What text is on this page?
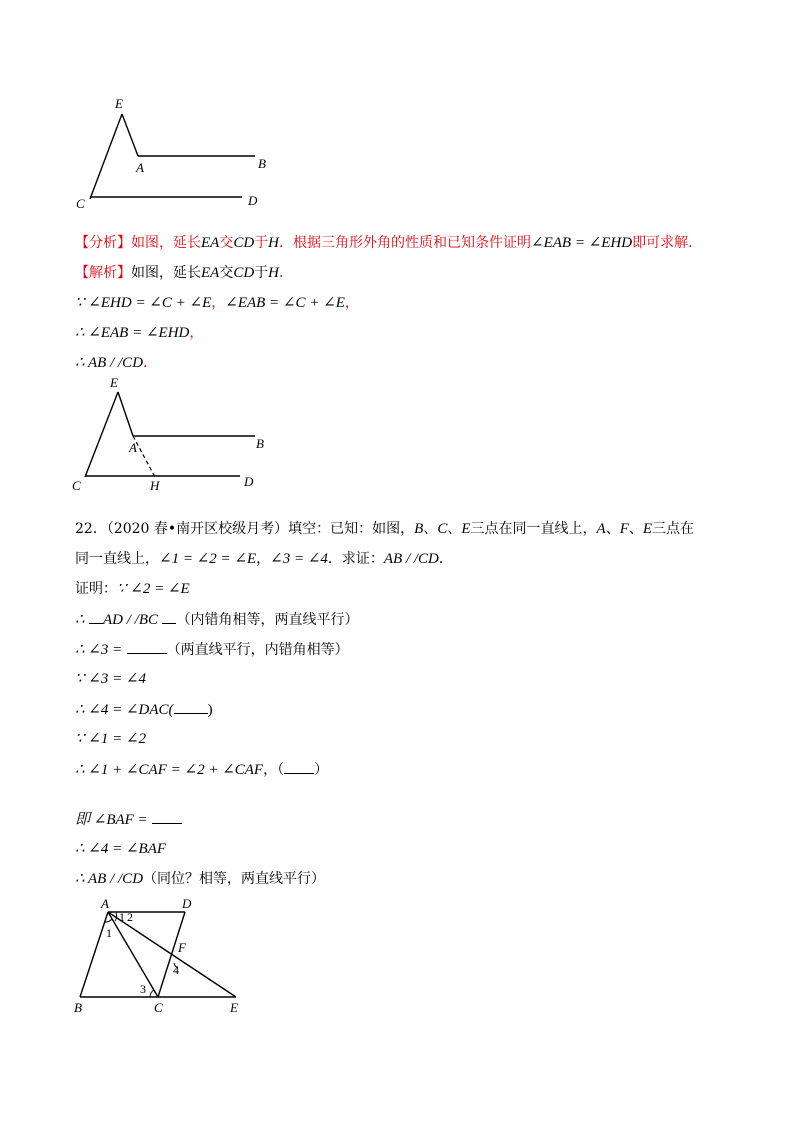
E
A	B
C	D
【分析】如图，延长EA交CD于H．根据三角形外角的性质和已知条件证明∠EAB = ∠EHD即可求解．
【解析】如图，延长EA交CD于H．
∵ ∠EHD = ∠C + ∠E，∠EAB = ∠C + ∠E，
∴ ∠EAB = ∠EHD，
∴ AB / /CD．
E
A	B
C	H	D
22．（2020 春•南开区校级月考）填空：已知：如图，B、C、E三点在同一直线上，A、F、E三点在
同一直线上，∠1 = ∠2 = ∠E，∠3 = ∠4．求证：AB / /CD．
证明：∵ ∠2 = ∠E
∴ AD / /BC （内错角相等，两直线平行）
∴ ∠3 =	（两直线平行，内错角相等）
∵ ∠3 = ∠4
∴ ∠4 = ∠DAC( )
∵ ∠1 = ∠2
∴ ∠1 + ∠CAF = ∠2 + ∠CAF，（ ）
即 ∠BAF =
∴ ∠4 = ∠BAF
∴ AB / /CD（同位？相等，两直线平行）
A	D
1 2
1
F
4
3
B	C	E
